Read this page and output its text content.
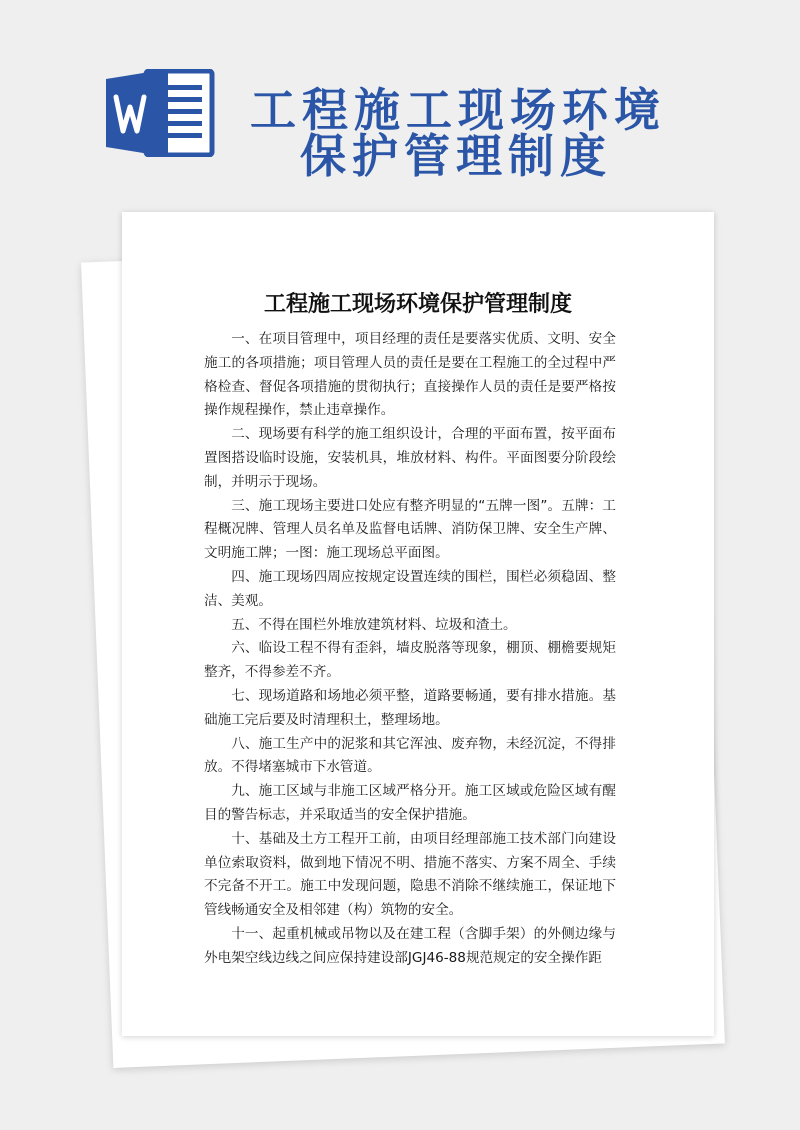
工程施工现场环境
保护管理制度
工程施工现场环境保护管理制度

一、在项目管理中，项目经理的责任是要落实优质、文明、安全施工的各项措施；项目管理人员的责任是要在工程施工的全过程中严格检查、督促各项措施的贯彻执行；直接操作人员的责任是要严格按操作规程操作，禁止违章操作。

二、现场要有科学的施工组织设计，合理的平面布置，按平面布置图搭设临时设施，安装机具，堆放材料、构件。平面图要分阶段绘制，并明示于现场。

三、施工现场主要进口处应有整齐明显的“五牌一图”。五牌：工程概况牌、管理人员名单及监督电话牌、消防保卫牌、安全生产牌、文明施工牌；一图：施工现场总平面图。

四、施工现场四周应按规定设置连续的围栏，围栏必须稳固、整洁、美观。

五、不得在围栏外堆放建筑材料、垃圾和渣土。

六、临设工程不得有歪斜，墙皮脱落等现象，棚顶、棚檐要规矩整齐，不得参差不齐。

七、现场道路和场地必须平整，道路要畅通，要有排水措施。基础施工完后要及时清理积土，整理场地。

八、施工生产中的泥浆和其它浑浊、废弃物，未经沉淀，不得排放。不得堵塞城市下水管道。

九、施工区域与非施工区域严格分开。施工区域或危险区域有醒目的警告标志，并采取适当的安全保护措施。

十、基础及土方工程开工前，由项目经理部施工技术部门向建设单位索取资料，做到地下情况不明、措施不落实、方案不周全、手续不完备不开工。施工中发现问题，隐患不消除不继续施工，保证地下管线畅通安全及相邻建（构）筑物的安全。

十一、起重机械或吊物以及在建工程（含脚手架）的外侧边缘与外电架空线边线之间应保持建设部JGJ46-88规范规定的安全操作距
